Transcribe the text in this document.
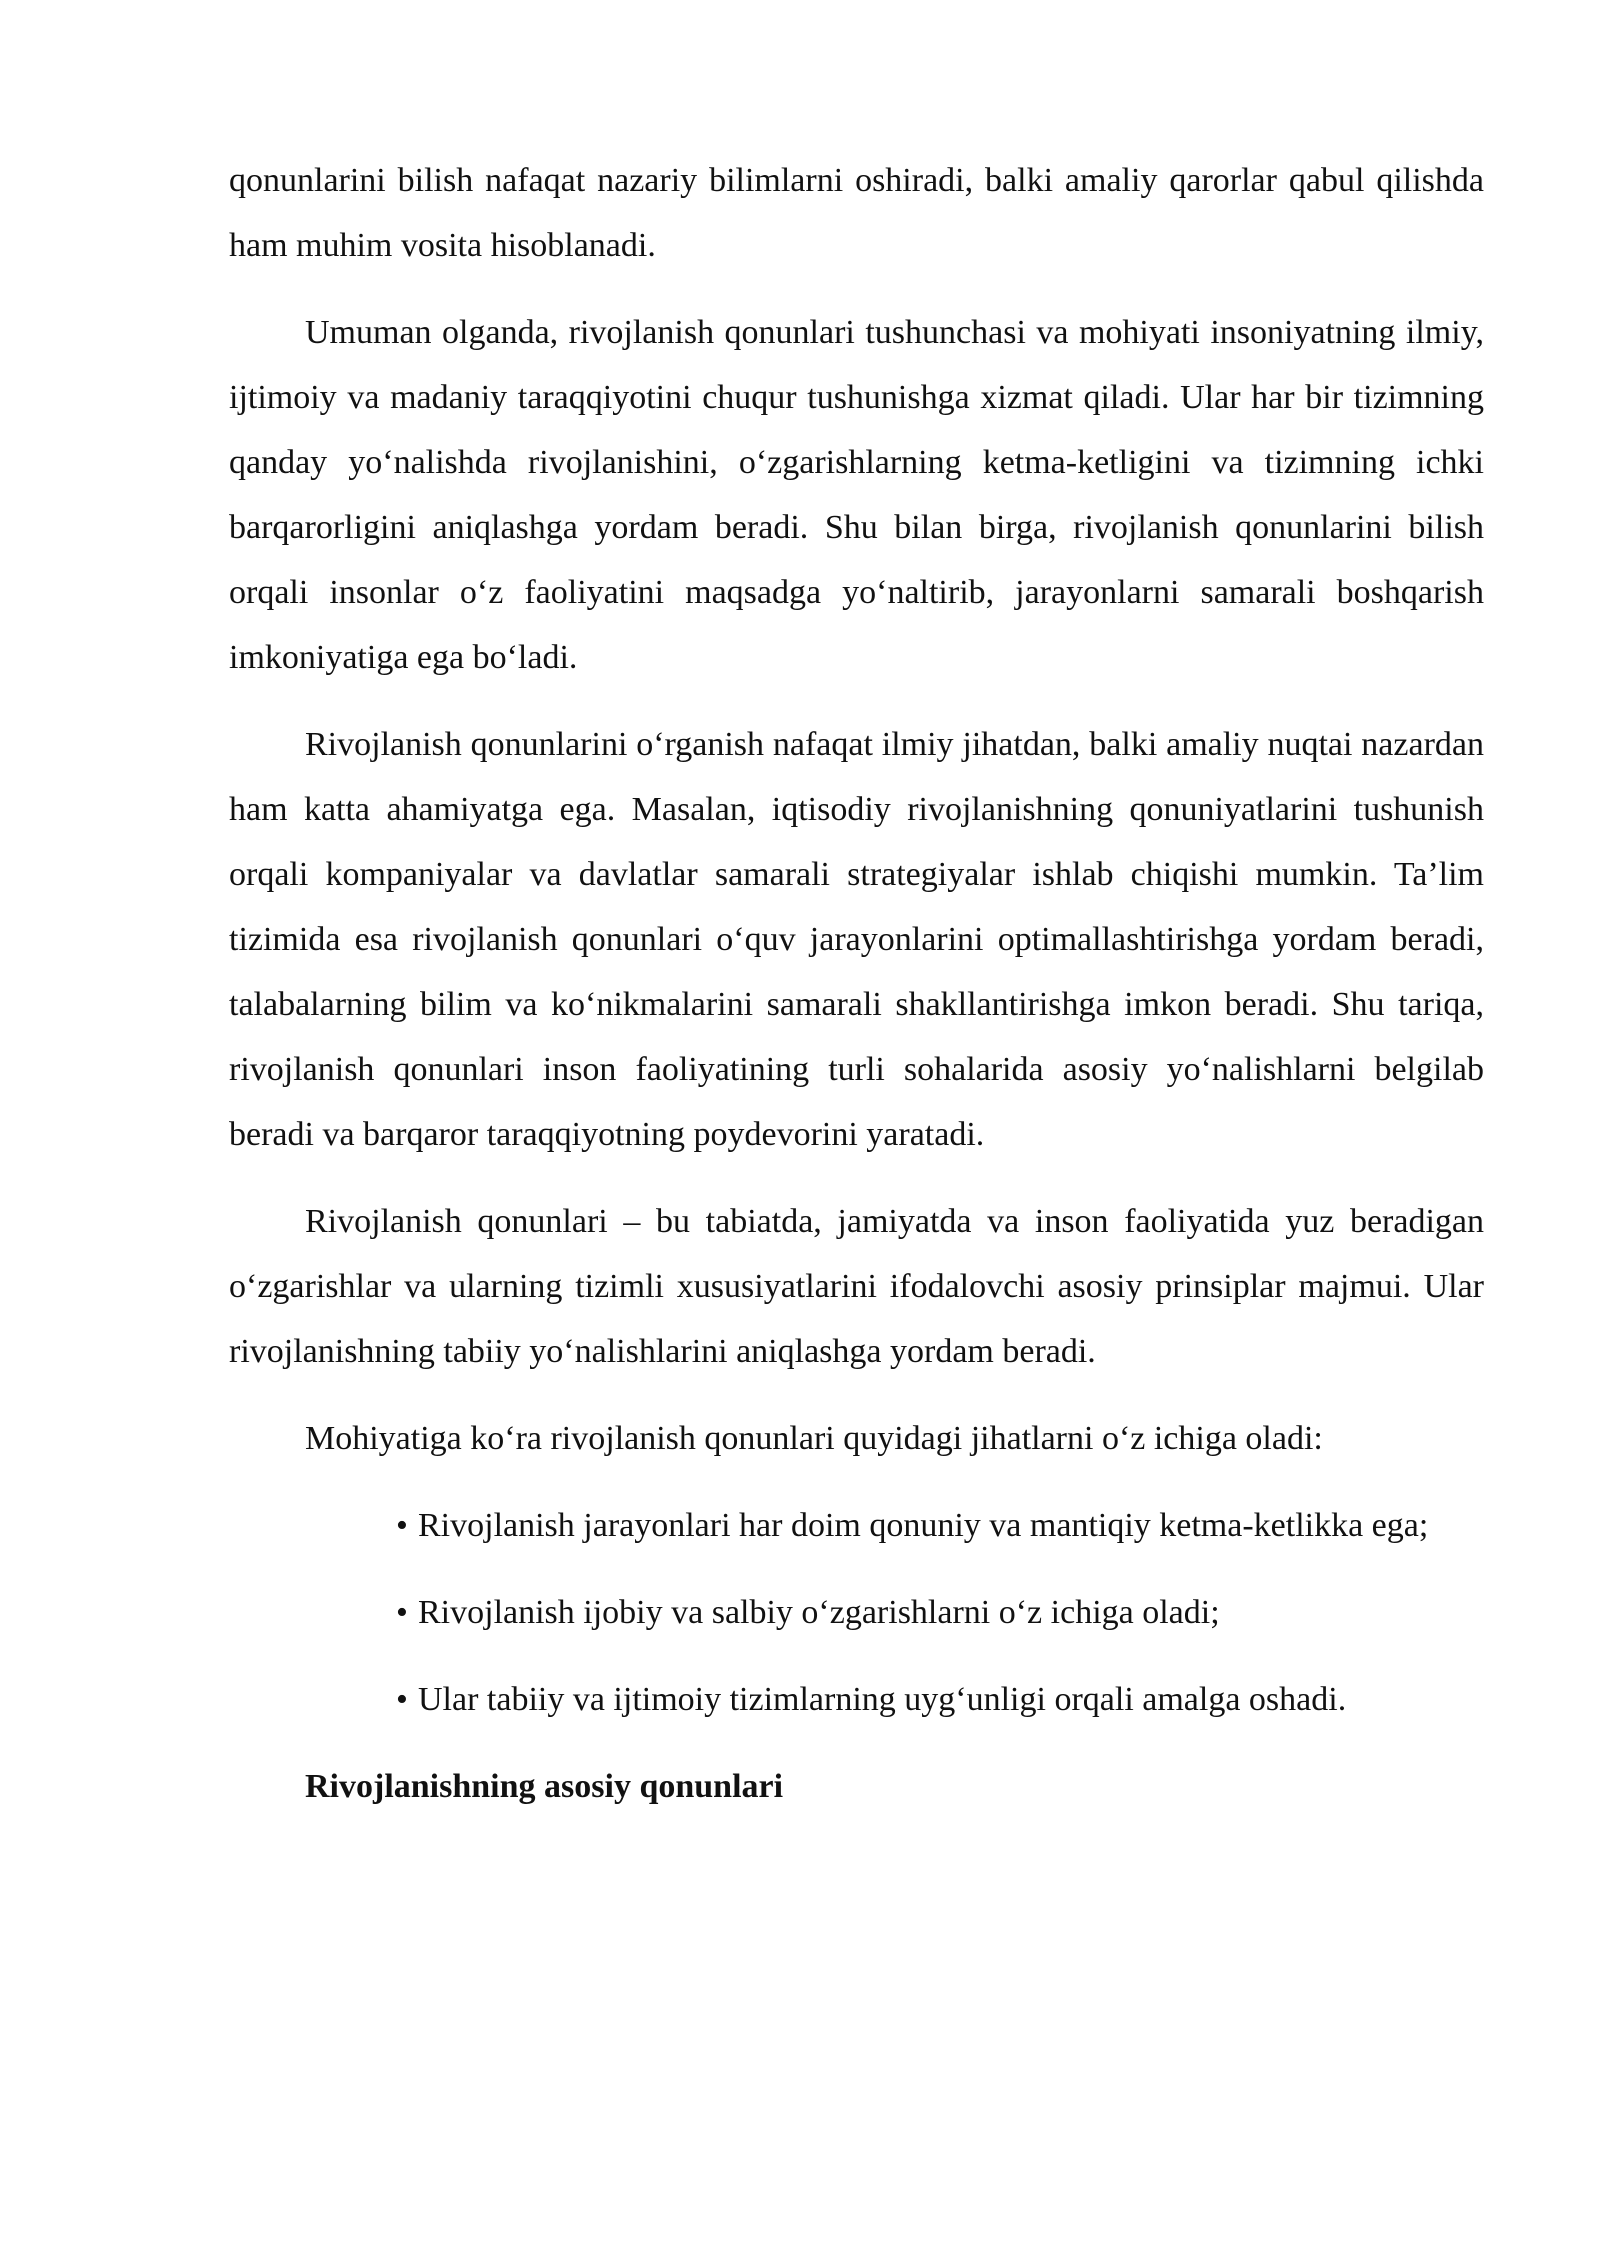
qonunlarini bilish nafaqat nazariy bilimlarni oshiradi, balki amaliy qarorlar qabul qilishda ham muhim vosita hisoblanadi.

Umuman olganda, rivojlanish qonunlari tushunchasi va mohiyati insoniyatning ilmiy, ijtimoiy va madaniy taraqqiyotini chuqur tushunishga xizmat qiladi. Ular har bir tizimning qanday yo‘nalishda rivojlanishini, o‘zgarishlarning ketma-ketligini va tizimning ichki barqarorligini aniqlashga yordam beradi. Shu bilan birga, rivojlanish qonunlarini bilish orqali insonlar o‘z faoliyatini maqsadga yo‘naltirib, jarayonlarni samarali boshqarish imkoniyatiga ega bo‘ladi.

Rivojlanish qonunlarini o‘rganish nafaqat ilmiy jihatdan, balki amaliy nuqtai nazardan ham katta ahamiyatga ega. Masalan, iqtisodiy rivojlanishning qonuniyatlarini tushunish orqali kompaniyalar va davlatlar samarali strategiyalar ishlab chiqishi mumkin. Ta’lim tizimida esa rivojlanish qonunlari o‘quv jarayonlarini optimallashtirishga yordam beradi, talabalarning bilim va ko‘nikmalarini samarali shakllantirishga imkon beradi. Shu tariqa, rivojlanish qonunlari inson faoliyatining turli sohalarida asosiy yo‘nalishlarni belgilab beradi va barqaror taraqqiyotning poydevorini yaratadi.

Rivojlanish qonunlari – bu tabiatda, jamiyatda va inson faoliyatida yuz beradigan o‘zgarishlar va ularning tizimli xususiyatlarini ifodalovchi asosiy prinsiplar majmui. Ular rivojlanishning tabiiy yo‘nalishlarini aniqlashga yordam beradi.

Mohiyatiga ko‘ra rivojlanish qonunlari quyidagi jihatlarni o‘z ichiga oladi:

• Rivojlanish jarayonlari har doim qonuniy va mantiqiy ketma-ketlikka ega;
• Rivojlanish ijobiy va salbiy o‘zgarishlarni o‘z ichiga oladi;
• Ular tabiiy va ijtimoiy tizimlarning uyg‘unligi orqali amalga oshadi.
Rivojlanishning asosiy qonunlari
